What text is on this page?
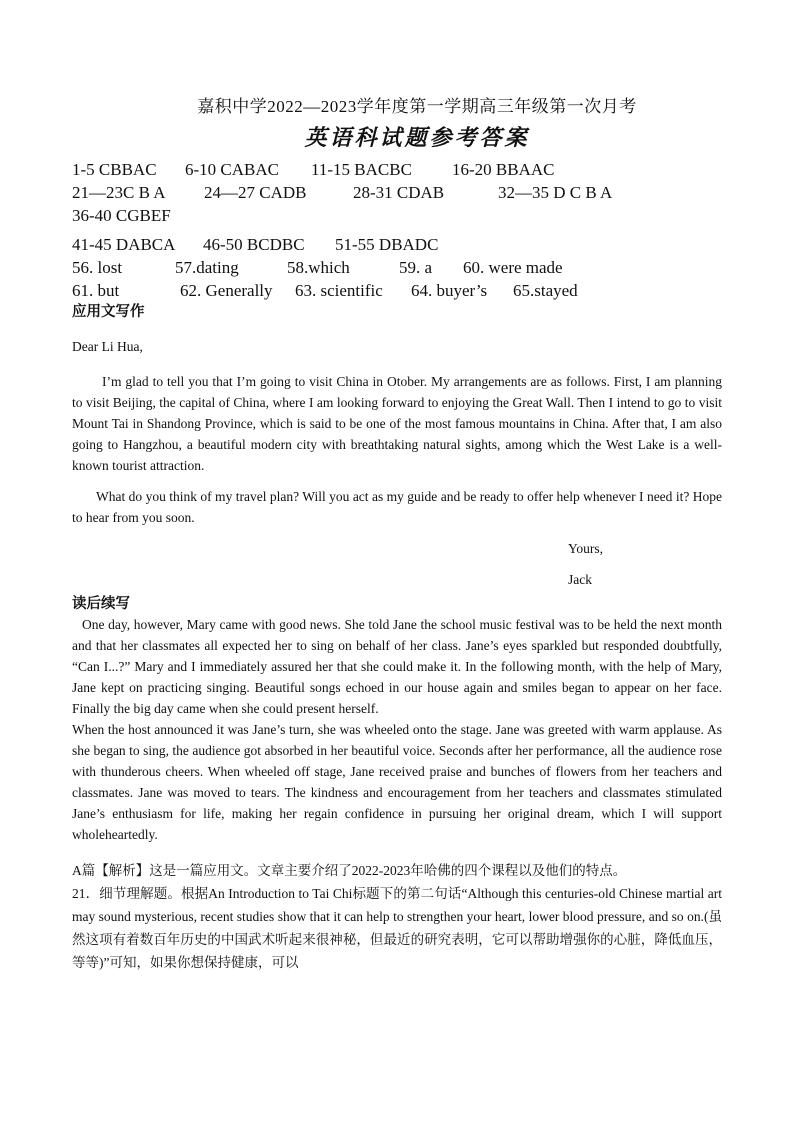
嘉积中学2022—2023学年度第一学期高三年级第一次月考
英语科试题参考答案
1-5 CBBAC	6-10 CABAC	11-15 BACBC	16-20 BBAAC
21—23C B A	24—27 CADB	28-31 CDAB	32—35 D C B A
36-40 CGBEF
41-45 DABCA	46-50 BCDBC	51-55 DBADC
56. lost	57.dating	58.which	59. a	60. were made
61. but	62. Generally	63. scientific	64. buyer’s	65.stayed
应用文写作
Dear Li Hua,

I’m glad to tell you that I’m going to visit China in Otober. My arrangements are as follows. First, I am planning to visit Beijing, the capital of China, where I am looking forward to enjoying the Great Wall. Then I intend to go to visit Mount Tai in Shandong Province, which is said to be one of the most famous mountains in China. After that, I am also going to Hangzhou, a beautiful modern city with breathtaking natural sights, among which the West Lake is a well-known tourist attraction.

What do you think of my travel plan? Will you act as my guide and be ready to offer help whenever I need it? Hope to hear from you soon.

Yours,
Jack
读后续写

One day, however, Mary came with good news. She told Jane the school music festival was to be held the next month and that her classmates all expected her to sing on behalf of her class. Jane’s eyes sparkled but responded doubtfully, “Can I...?” Mary and I immediately assured her that she could make it. In the following month, with the help of Mary, Jane kept on practicing singing. Beautiful songs echoed in our house again and smiles began to appear on her face. Finally the big day came when she could present herself.

When the host announced it was Jane’s turn, she was wheeled onto the stage. Jane was greeted with warm applause. As she began to sing, the audience got absorbed in her beautiful voice. Seconds after her performance, all the audience rose with thunderous cheers. When wheeled off stage, Jane received praise and bunches of flowers from her teachers and classmates. Jane was moved to tears. The kindness and encouragement from her teachers and classmates stimulated Jane’s enthusiasm for life, making her regain confidence in pursuing her original dream, which I will support wholeheartedly.

A篇【解析】这是一篇应用文。文章主要介绍了2022-2023年哈佛的四个课程以及他们的特点。

21．细节理解题。根据An Introduction to Tai Chi标题下的第二句话“Although this centuries-old Chinese martial art may sound mysterious, recent studies show that it can help to strengthen your heart, lower blood pressure, and so on.(虽然这项有着数百年历史的中国武术听起来很神秘，但最近的研究表明，它可以帮助增强你的心脏，降低血压，等等)”可知，如果你想保持健康，可以
